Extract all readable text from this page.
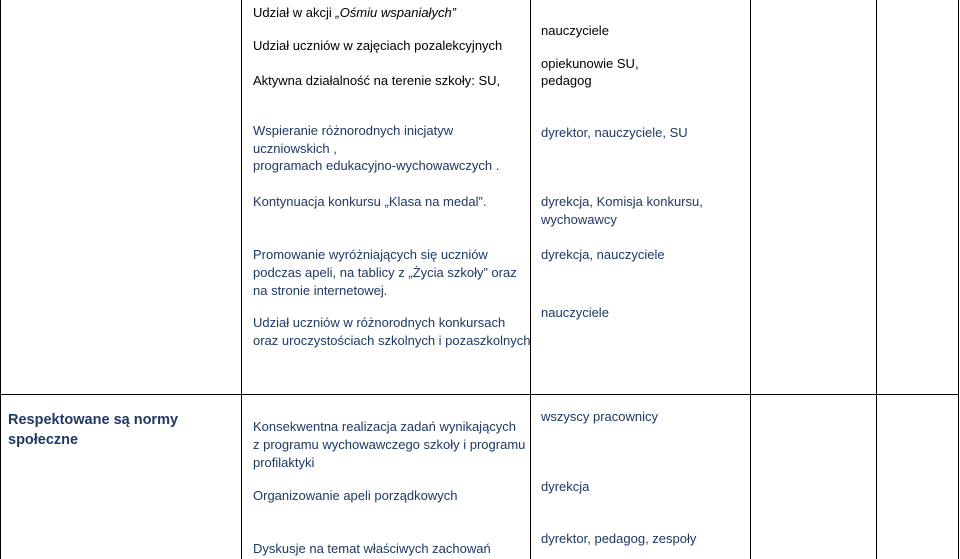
Udział w akcji „Ośmiu wspaniałych”
Udział uczniów w zajęciach pozalekcyjnych
Aktywna działalność na terenie szkoły: SU,
nauczyciele
opiekunowie SU,
pedagog
Wspieranie różnorodnych inicjatyw
uczniowskich ,
programach edukacyjno-wychowawczych .
Kontynuacja konkursu „Klasa na medal”.
Promowanie wyróżniających się uczniów
podczas apeli, na tablicy z „Życia szkoły” oraz
na stronie internetowej.
Udział uczniów w różnorodnych konkursach
oraz uroczystościach szkolnych i pozaszkolnych
dyrektor, nauczyciele, SU
dyrekcja, Komisja konkursu,
wychowawcy
dyrekcja, nauczyciele
nauczyciele
Respektowane są normy
społeczne
Konsekwentna realizacja zadań wynikających
z programu wychowawczego szkoły i programu
profilaktyki
Organizowanie apeli porządkowych
Dyskusje na temat właściwych zachowań
wszyscy pracownicy
dyrekcja
dyrektor, pedagog, zespoły
